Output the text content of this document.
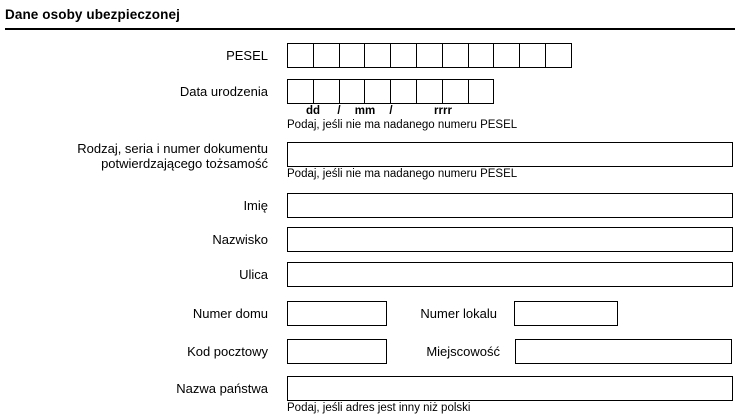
Dane osoby ubezpieczonej
PESEL
Data urodzenia
dd	/	mm	/	rrrr
Podaj, jeśli nie ma nadanego numeru PESEL
Rodzaj, seria i numer dokumentu
potwierdzającego tożsamość
Podaj, jeśli nie ma nadanego numeru PESEL
Imię
Nazwisko
Ulica
Numer domu	Numer lokalu
Kod pocztowy	Miejscowość
Nazwa państwa
Podaj, jeśli adres jest inny niż polski
